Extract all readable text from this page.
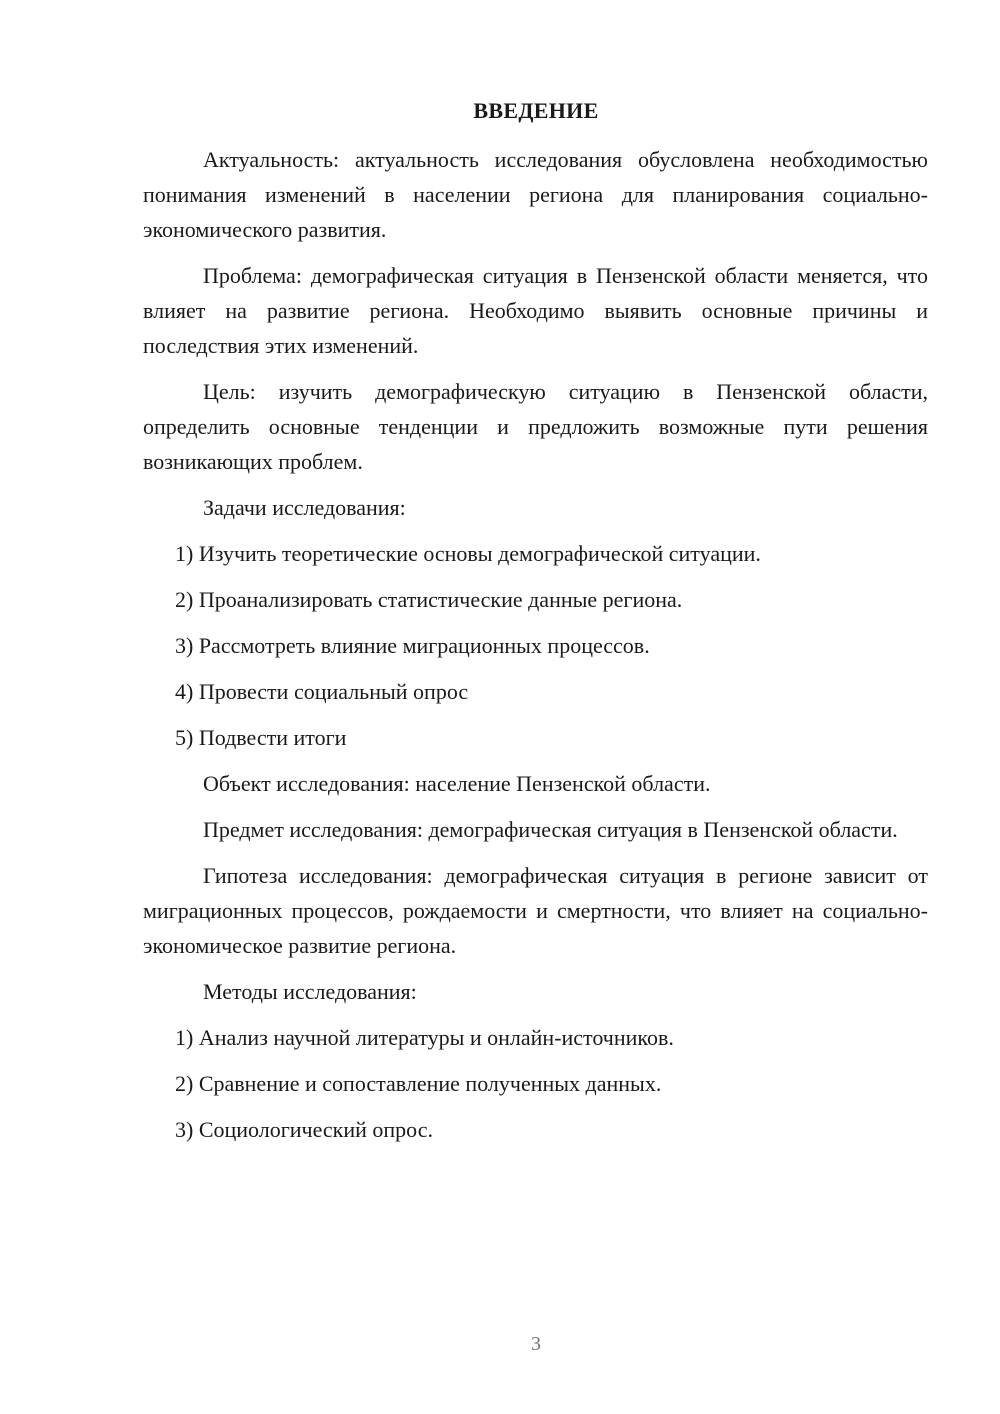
ВВЕДЕНИЕ

Актуальность: актуальность исследования обусловлена необходимостью понимания изменений в населении региона для планирования социально-экономического развития.

Проблема: демографическая ситуация в Пензенской области меняется, что влияет на развитие региона. Необходимо выявить основные причины и последствия этих изменений.

Цель: изучить демографическую ситуацию в Пензенской области, определить основные тенденции и предложить возможные пути решения возникающих проблем.

Задачи исследования:

1) Изучить теоретические основы демографической ситуации.

2) Проанализировать статистические данные региона.

3) Рассмотреть влияние миграционных процессов.

4) Провести социальный опрос

5) Подвести итоги

Объект исследования: население Пензенской области.

Предмет исследования: демографическая ситуация в Пензенской области.

Гипотеза исследования: демографическая ситуация в регионе зависит от миграционных процессов, рождаемости и смертности, что влияет на социально-экономическое развитие региона.

Методы исследования:

1) Анализ научной литературы и онлайн-источников.

2) Сравнение и сопоставление полученных данных.

3) Социологический опрос.

3
